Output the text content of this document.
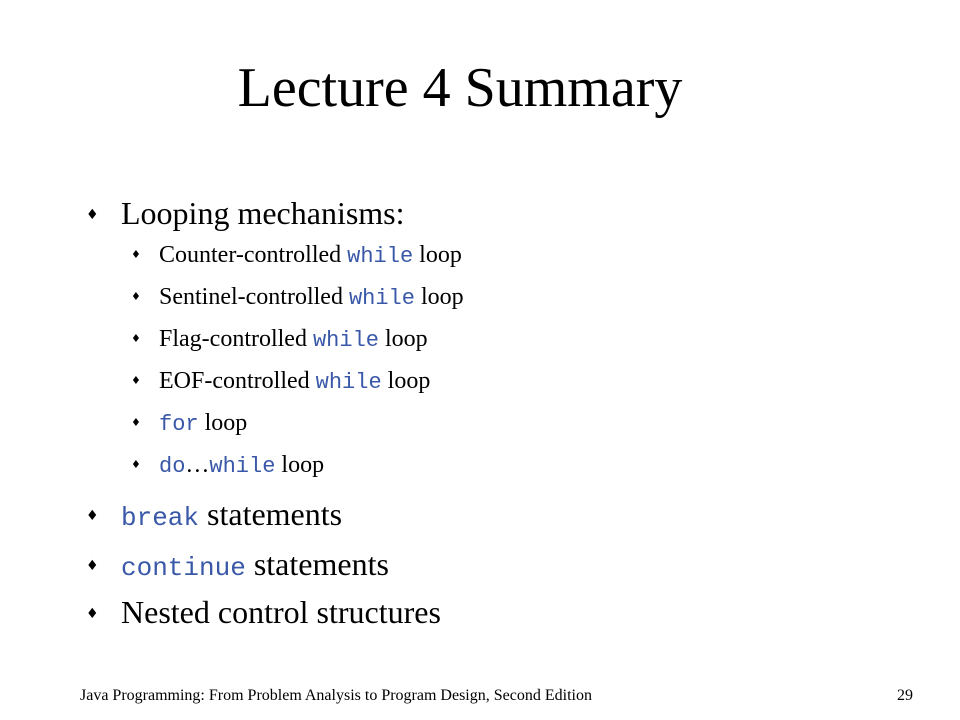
Lecture 4 Summary
♦ Looping mechanisms:
♦ Counter-controlled while loop
♦ Sentinel-controlled while loop
♦ Flag-controlled while loop
♦ EOF-controlled while loop
♦ for loop
♦ do…while loop
♦ break statements
♦ continue statements
♦ Nested control structures
Java Programming: From Problem Analysis to Program Design, Second Edition	29
